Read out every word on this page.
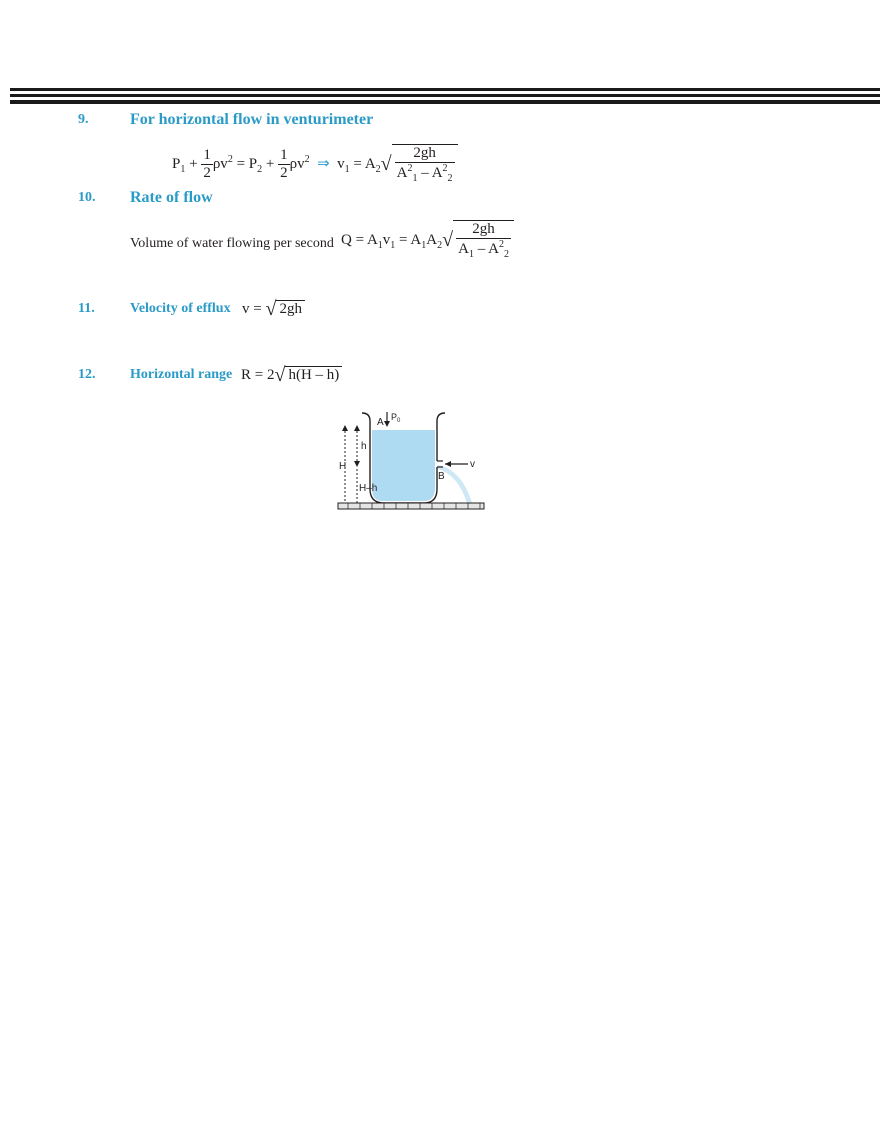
9.	For horizontal flow in venturimeter
$P_1 + \frac{1}{2} \rho v^2 = P_2 + \frac{1}{2} \rho v^2$ ⇒ $v_1 = A_2√ \frac{2gh}{A^2_1 - A^2_2}$
10. Rate of flow
Volume of water flowing per second $Q = A_1v_1 = A_1A_2√ \frac{2gh}{A_1 - A^2_2}$
11.	Velocity of efflux v = √ 2gh
12. Horizontal range R = 2√ h(H – h)
A $P_0$
h
H
H–h
B
v
